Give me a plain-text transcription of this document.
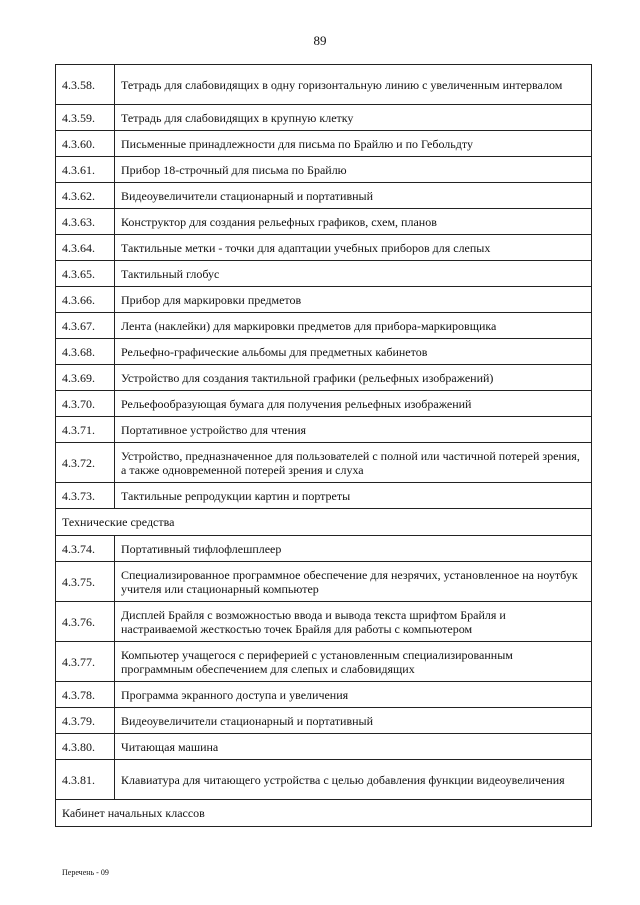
89
4.3.58.	Тетрадь для слабовидящих в одну горизонтальную линию с увеличенным интервалом
4.3.59.	Тетрадь для слабовидящих в крупную клетку
4.3.60.	Письменные принадлежности для письма по Брайлю и по Гебольдту
4.3.61.	Прибор 18-строчный для письма по Брайлю
4.3.62.	Видеоувеличители стационарный и портативный
4.3.63.	Конструктор для создания рельефных графиков, схем, планов
4.3.64.	Тактильные метки - точки для адаптации учебных приборов для слепых
4.3.65.	Тактильный глобус
4.3.66.	Прибор для маркировки предметов
4.3.67.	Лента (наклейки) для маркировки предметов для прибора-маркировщика
4.3.68.	Рельефно-графические альбомы для предметных кабинетов
4.3.69.	Устройство для создания тактильной графики (рельефных изображений)
4.3.70.	Рельефообразующая бумага для получения рельефных изображений
4.3.71.	Портативное устройство для чтения
4.3.72.	Устройство, предназначенное для пользователей с полной или частичной потерей зрения, а также одновременной потерей зрения и слуха
4.3.73.	Тактильные репродукции картин и портреты
Технические средства	
4.3.74.	Портативный тифлофлешплеер
4.3.75.	Специализированное программное обеспечение для незрячих, установленное на ноутбук учителя или стационарный компьютер
4.3.76.	Дисплей Брайля с возможностью ввода и вывода текста шрифтом Брайля и настраиваемой жесткостью точек Брайля для работы с компьютером
4.3.77.	Компьютер учащегося с периферией с установленным специализированным программным обеспечением для слепых и слабовидящих
4.3.78.	Программа экранного доступа и увеличения
4.3.79.	Видеоувеличители стационарный и портативный
4.3.80.	Читающая машина
4.3.81.	Клавиатура для читающего устройства с целью добавления функции видеоувеличения
Кабинет начальных классов	
Перечень - 09
